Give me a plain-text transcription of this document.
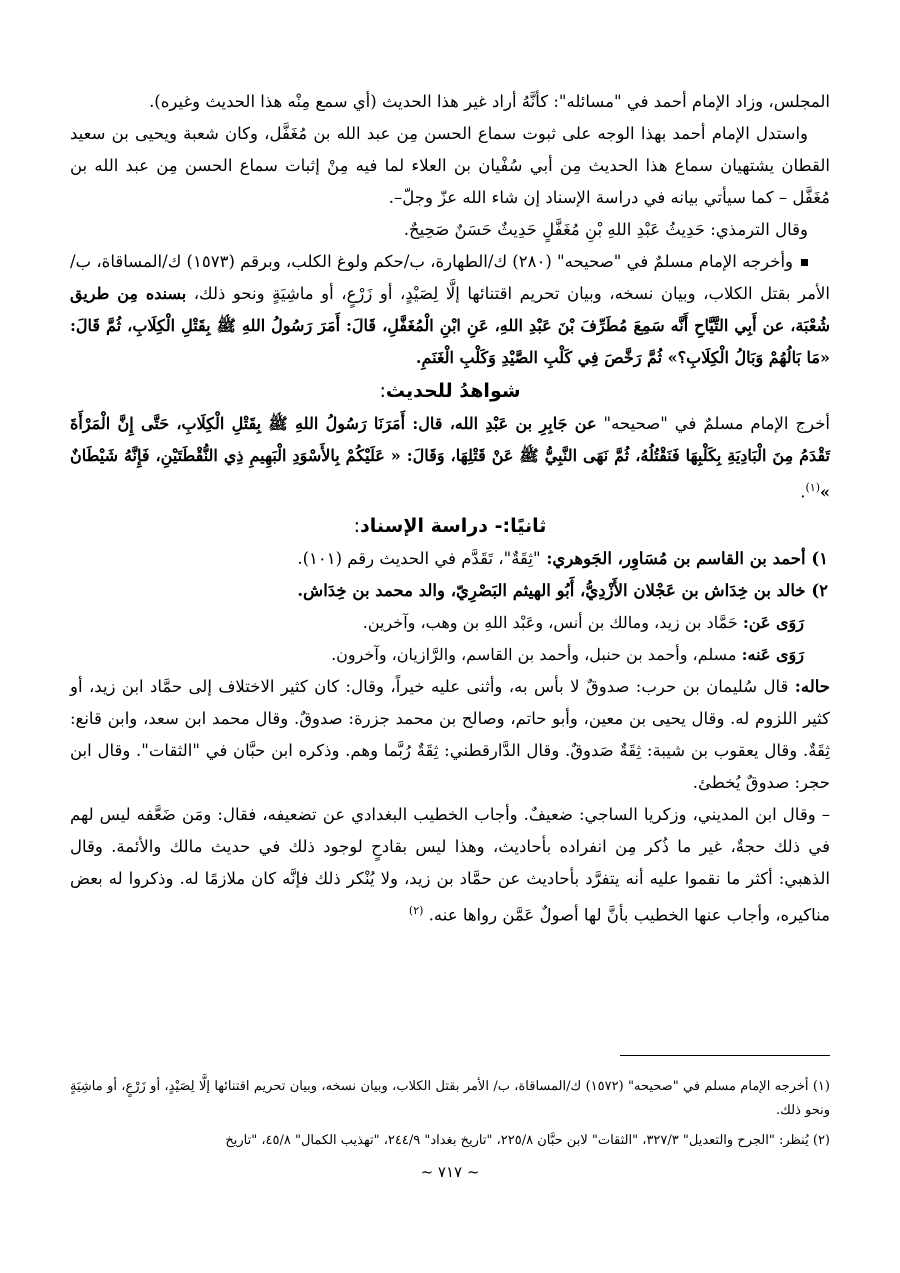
المجلس، وزاد الإمام أحمد في "مسائله": كأنَّهُ أراد غير هذا الحديث (أي سمع مِنْه هذا الحديث وغيره).

واستدل الإمام أحمد بهذا الوجه على ثبوت سماع الحسن مِن عبد الله بن مُغَفَّل، وكان شعبة ويحيى بن سعيد القطان يشتهيان سماع هذا الحديث مِن أبي سُفْيان بن العلاء لما فيه مِنْ إثبات سماع الحسن مِن عبد الله بن مُغَفَّل – كما سيأتي بيانه في دراسة الإسناد إن شاء الله عزّ وجلّ–.

وقال الترمذي: حَدِيثُ عَبْدِ اللهِ بْنِ مُغَفَّلٍ حَدِيثٌ حَسَنٌ صَحِيحٌ.

وأخرجه الإمام مسلمٌ في "صحيحه" (٢٨٠) ك/الطهارة، ب/حكم ولوغ الكلب، وبرقم (١٥٧٣) ك/المساقاة، ب/ الأمر بقتل الكلاب، وبيان نسخه، وبيان تحريم اقتنائها إلَّا لِصَيْدٍ، أو زَرْعٍ، أو ماشِيَةٍ ونحو ذلك، بسنده مِن طريق شُعْبَة، عن أَبِي التَّيَّاحِ أَنَّه سَمِعَ مُطَرِّفَ بْنَ عَبْدِ اللهِ، عَنِ ابْنِ الْمُغَفَّلِ، قَالَ: أَمَرَ رَسُولُ اللهِ ﷺ بِقَتْلِ الْكِلَابِ، ثُمَّ قَالَ: «مَا بَالُهُمْ وَبَالُ الْكِلَابِ؟» ثُمَّ رَخَّصَ فِي كَلْبِ الصَّيْدِ وَكَلْبِ الْغَنَمِ.

شواهدُ للحديث:

أخرج الإمام مسلمٌ في "صحيحه" عن جَابِرِ بن عَبْدِ الله، قال: أَمَرَنَا رَسُولُ اللهِ ﷺ بِقَتْلِ الْكِلَابِ، حَتَّى إِنَّ الْمَرْأَةَ تَقْدَمُ مِنَ الْبَادِيَةِ بِكَلْبِهَا فَنَقْتُلُهُ، ثُمَّ نَهَى النَّبِيُّ ﷺ عَنْ قَتْلِهَا، وَقَالَ: « عَلَيْكُمْ بِالأَسْوَدِ الْبَهِيمِ ذِي النُّقْطَتَيْنِ، فَإِنَّهُ شَيْطَانٌ »$^{(١)}$.

ثانيًا:- دراسة الإسناد:

١) أحمد بن القاسم بن مُسَاوِر، الجَوهري: "ثِقَةٌ"، تَقَدَّم في الحديث رقم (١٠١).

٢) خالد بن خِدَاش بن عَجْلان الأَزْدِيُّ، أَبُو الهيثم البَصْرِيّ، والد محمد بن خِدَاش.

رَوَى عَن: حَمَّاد بن زيد، ومالك بن أنس، وعَبْد اللهِ بن وهب، وآخرين.

رَوَى عَنه: مسلم، وأحمد بن حنبل، وأحمد بن القاسم، والرَّازيان، وآخرون.

حاله: قال سُليمان بن حرب: صدوقٌ لا بأس به، وأثنى عليه خيراً، وقال: كان كثير الاختلاف إلى حمَّاد ابن زيد، أو كثير اللزوم له. وقال يحيى بن معين، وأبو حاتم، وصالح بن محمد جزرة: صدوقٌ. وقال محمد ابن سعد، وابن قانع: ثِقَةٌ. وقال يعقوب بن شيبة: ثِقَةٌ صَدوقٌ. وقال الدَّارقطني: ثِقَةٌ رُبَّما وهم. وذكره ابن حبَّان في "الثقات". وقال ابن حجر: صدوقٌ يُخطئ.

– وقال ابن المديني، وزكريا الساجي: ضعيفٌ. وأجاب الخطيب البغدادي عن تضعيفه، فقال: ومَن ضَعَّفه ليس لهم في ذلك حجةٌ، غير ما ذُكر مِن انفراده بأحاديث، وهذا ليس بقادحٍ لوجود ذلك في حديث مالك والأئمة. وقال الذهبي: أكثر ما نقموا عليه أنه يتفرَّد بأحاديث عن حمَّاد بن زيد، ولا يُنْكر ذلك فإنَّه كان ملازمًا له. وذكروا له بعض مناكيره، وأجاب عنها الخطيب بأنَّ لها أصولٌ عَمَّن رواها عنه. $^{(٢)}$

(١) أخرجه الإمام مسلم في "صحيحه" (١٥٧٢) ك/المساقاة، ب/ الأمر بقتل الكلاب، وبيان نسخه، وبيان تحريم اقتنائها إلَّا لِصَيْدٍ، أو زَرْعٍ، أو ماشِيَةٍ ونحو ذلك.

(٢) يُنظر: "الجرح والتعديل" ٣٢٧/٣، "الثقات" لابن حبَّان ٢٢٥/٨، "تاريخ بغداد" ٢٤٤/٩، "تهذيب الكمال" ٤٥/٨، "تاريخ

~ ٧١٧ ~
